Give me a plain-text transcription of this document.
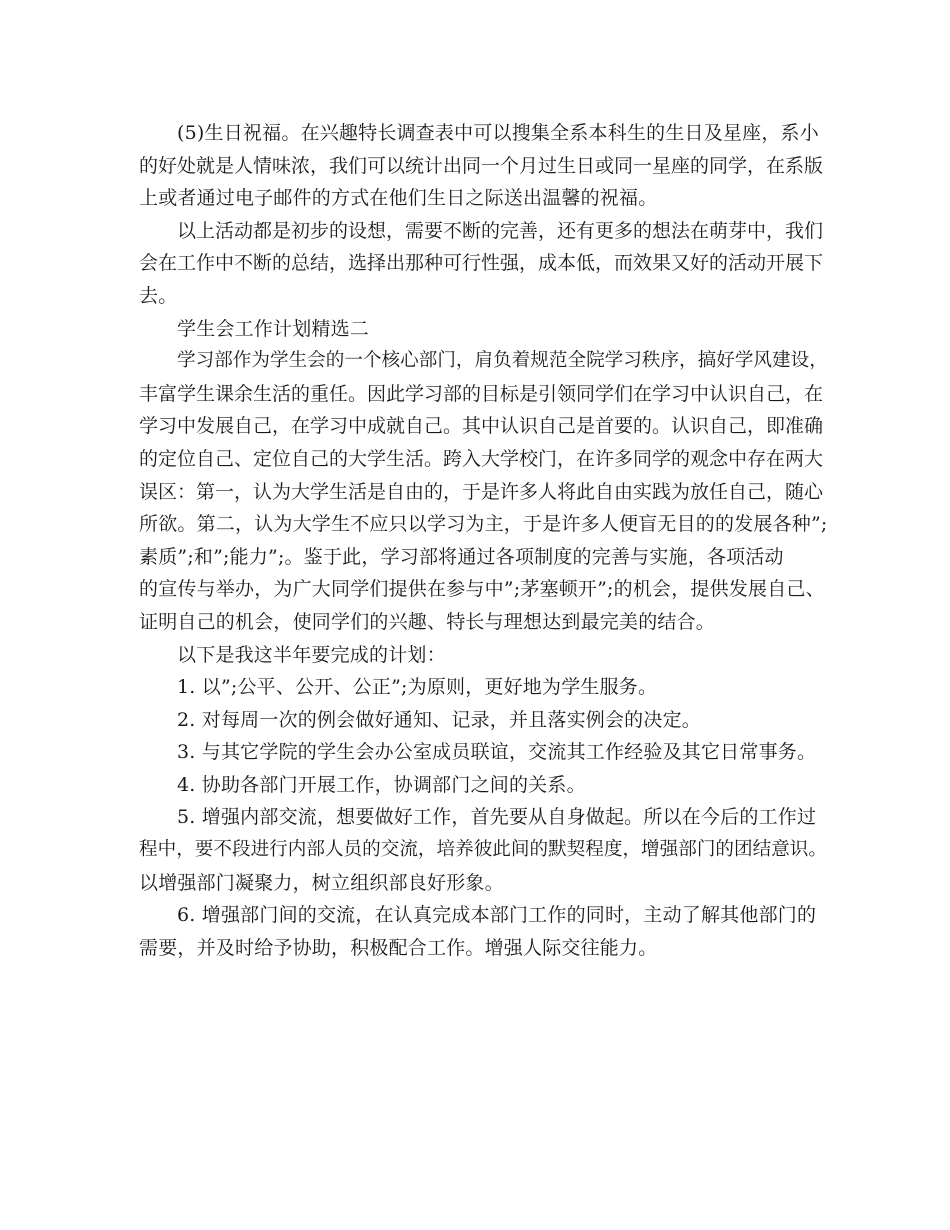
(5)生日祝福。在兴趣特长调查表中可以搜集全系本科生的生日及星座，系小
的好处就是人情味浓，我们可以统计出同一个月过生日或同一星座的同学，在系版
上或者通过电子邮件的方式在他们生日之际送出温馨的祝福。
以上活动都是初步的设想，需要不断的完善，还有更多的想法在萌芽中，我们
会在工作中不断的总结，选择出那种可行性强，成本低，而效果又好的活动开展下
去。
学生会工作计划精选二
学习部作为学生会的一个核心部门，肩负着规范全院学习秩序，搞好学风建设，
丰富学生课余生活的重任。因此学习部的目标是引领同学们在学习中认识自己，在
学习中发展自己，在学习中成就自己。其中认识自己是首要的。认识自己，即准确
的定位自己、定位自己的大学生活。跨入大学校门，在许多同学的观念中存在两大
误区：第一，认为大学生活是自由的，于是许多人将此自由实践为放任自己，随心
所欲。第二，认为大学生不应只以学习为主，于是许多人便盲无目的的发展各种”;
素质”;和”;能力”;。鉴于此，学习部将通过各项制度的完善与实施，各项活动
的宣传与举办，为广大同学们提供在参与中”;茅塞顿开”;的机会，提供发展自己、
证明自己的机会，使同学们的兴趣、特长与理想达到最完美的结合。
以下是我这半年要完成的计划：
1. 以”;公平、公开、公正”;为原则，更好地为学生服务。
2. 对每周一次的例会做好通知、记录，并且落实例会的决定。
3. 与其它学院的学生会办公室成员联谊，交流其工作经验及其它日常事务。
4. 协助各部门开展工作，协调部门之间的关系。
5. 增强内部交流，想要做好工作，首先要从自身做起。所以在今后的工作过
程中，要不段进行内部人员的交流，培养彼此间的默契程度，增强部门的团结意识。
以增强部门凝聚力，树立组织部良好形象。
6. 增强部门间的交流，在认真完成本部门工作的同时，主动了解其他部门的
需要，并及时给予协助，积极配合工作。增强人际交往能力。
